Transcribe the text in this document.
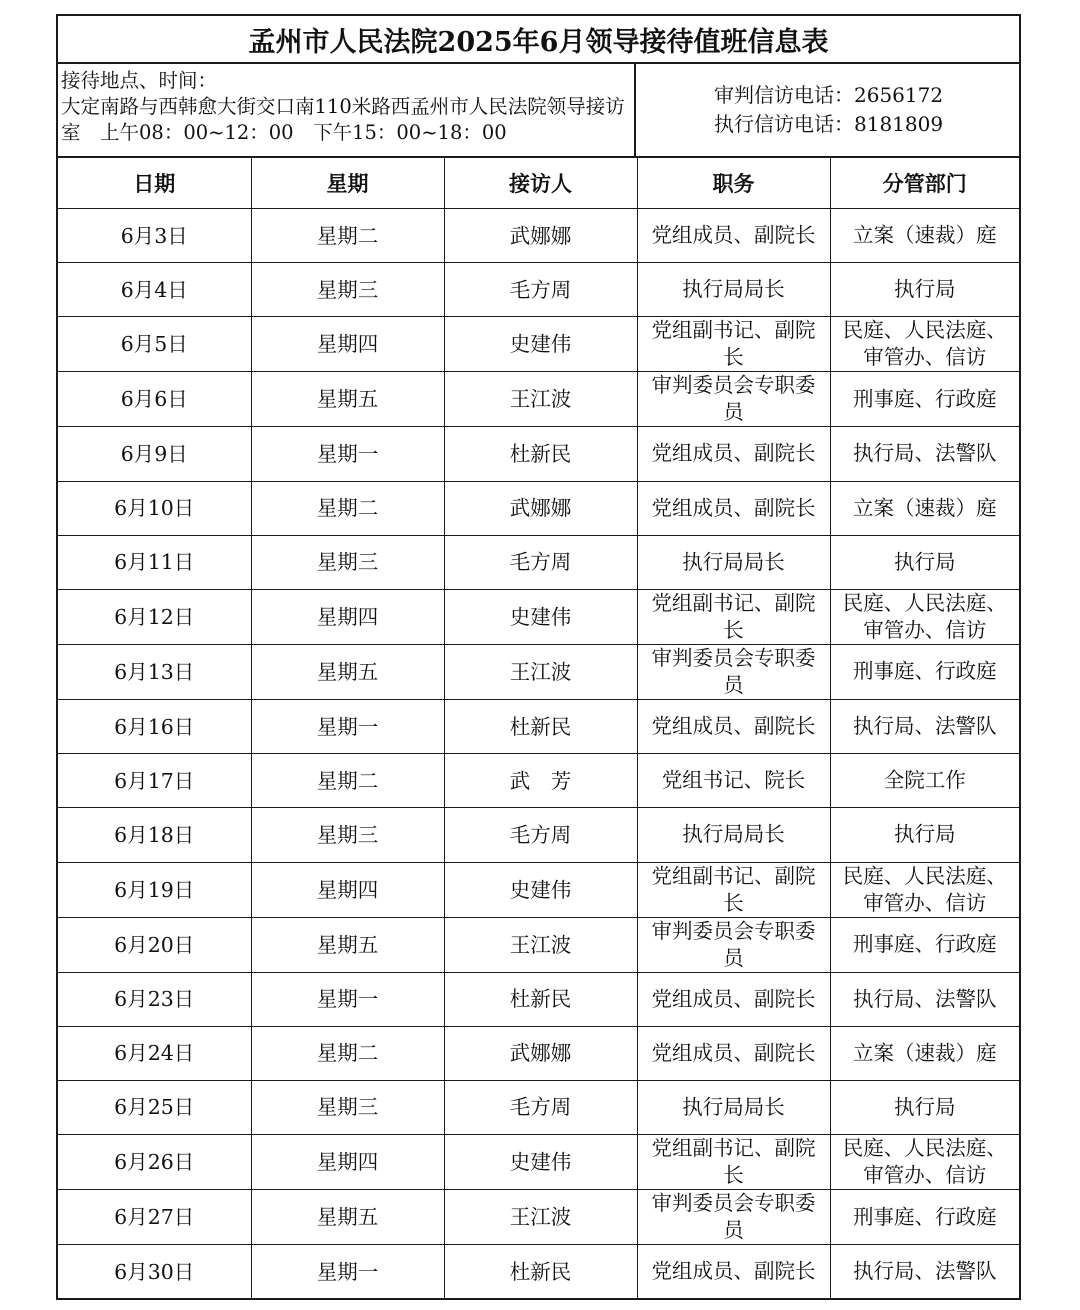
孟州市人民法院2025年6月领导接待值班信息表
接待地点、时间：
大定南路与西韩愈大街交口南110米路西孟州市人民法院领导接访
室　上午08：00~12：00　下午15：00~18：00
审判信访电话：2656172
执行信访电话：8181809
日期	星期	接访人	职务	分管部门
6月3日	星期二	武娜娜	党组成员、副院长	立案（速裁）庭
6月4日	星期三	毛方周	执行局局长	执行局
6月5日	星期四	史建伟	党组副书记、副院长	民庭、人民法庭、审管办、信访
6月6日	星期五	王江波	审判委员会专职委员	刑事庭、行政庭
6月9日	星期一	杜新民	党组成员、副院长	执行局、法警队
6月10日	星期二	武娜娜	党组成员、副院长	立案（速裁）庭
6月11日	星期三	毛方周	执行局局长	执行局
6月12日	星期四	史建伟	党组副书记、副院长	民庭、人民法庭、审管办、信访
6月13日	星期五	王江波	审判委员会专职委员	刑事庭、行政庭
6月16日	星期一	杜新民	党组成员、副院长	执行局、法警队
6月17日	星期二	武　芳	党组书记、院长	全院工作
6月18日	星期三	毛方周	执行局局长	执行局
6月19日	星期四	史建伟	党组副书记、副院长	民庭、人民法庭、审管办、信访
6月20日	星期五	王江波	审判委员会专职委员	刑事庭、行政庭
6月23日	星期一	杜新民	党组成员、副院长	执行局、法警队
6月24日	星期二	武娜娜	党组成员、副院长	立案（速裁）庭
6月25日	星期三	毛方周	执行局局长	执行局
6月26日	星期四	史建伟	党组副书记、副院长	民庭、人民法庭、审管办、信访
6月27日	星期五	王江波	审判委员会专职委员	刑事庭、行政庭
6月30日	星期一	杜新民	党组成员、副院长	执行局、法警队
